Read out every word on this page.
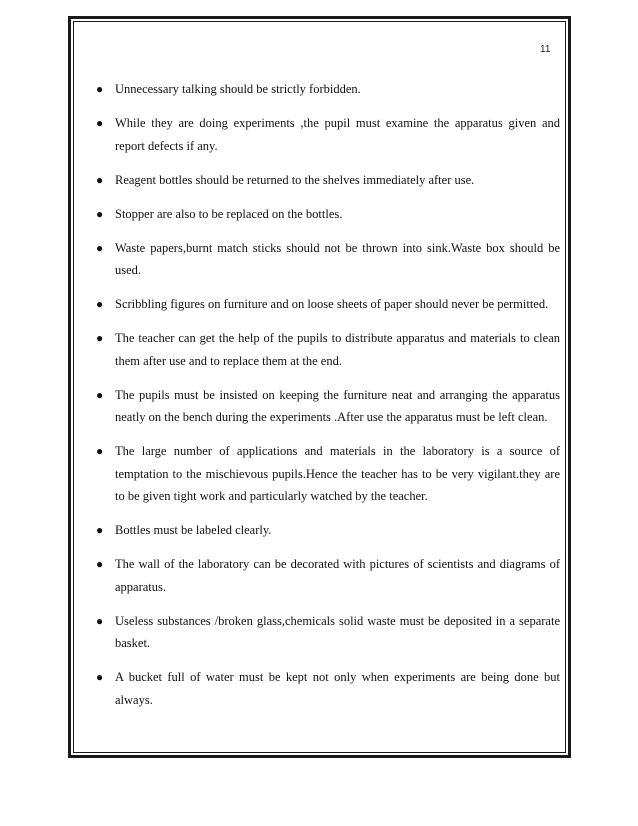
11
● Unnecessary talking should be strictly forbidden.
● While they are doing experiments ,the pupil must examine the apparatus given and report defects if any.
● Reagent bottles should be returned to the shelves immediately after use.
● Stopper are also to be replaced on the bottles.
● Waste papers,burnt match sticks should not be thrown into sink.Waste box should be used.
● Scribbling figures on furniture and on loose sheets of paper should never be permitted.
● The teacher can get the help of the pupils to distribute apparatus and materials to clean them after use and to replace them at the end.
● The pupils must be insisted on keeping the furniture neat and arranging the apparatus neatly on the bench during the experiments .After use the apparatus must be left clean.
● The large number of applications and materials in the laboratory is a source of temptation to the mischievous pupils.Hence the teacher has to be very vigilant.they are to be given tight work and particularly watched by the teacher.
● Bottles must be labeled clearly.
● The wall of the laboratory can be decorated with pictures of scientists and diagrams of apparatus.
● Useless substances /broken glass,chemicals solid waste must be deposited in a separate basket.
● A bucket full of water must be kept not only when experiments are being done but always.
